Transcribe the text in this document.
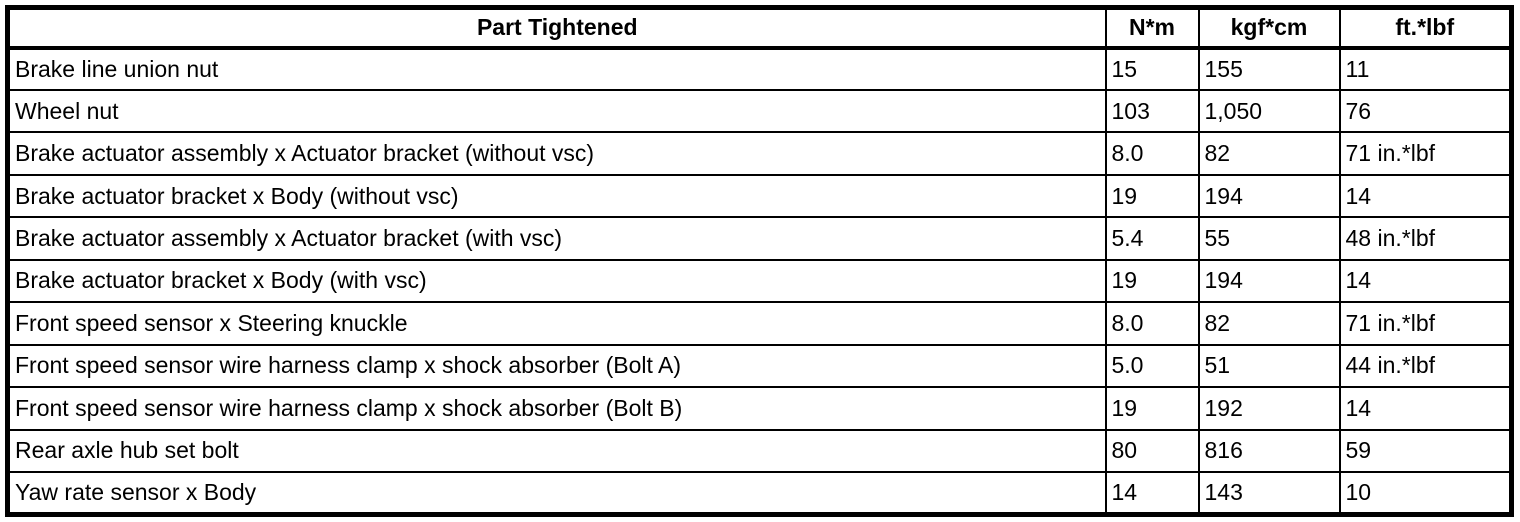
Part Tightened	N*m	kgf*cm	ft.*lbf
Brake line union nut	15	155	11
Wheel nut	103	1,050	76
Brake actuator assembly x Actuator bracket (without vsc)	8.0	82	71 in.*lbf
Brake actuator bracket x Body (without vsc)	19	194	14
Brake actuator assembly x Actuator bracket (with vsc)	5.4	55	48 in.*lbf
Brake actuator bracket x Body (with vsc)	19	194	14
Front speed sensor x Steering knuckle	8.0	82	71 in.*lbf
Front speed sensor wire harness clamp x shock absorber (Bolt A)	5.0	51	44 in.*lbf
Front speed sensor wire harness clamp x shock absorber (Bolt B)	19	192	14
Rear axle hub set bolt	80	816	59
Yaw rate sensor x Body	14	143	10
